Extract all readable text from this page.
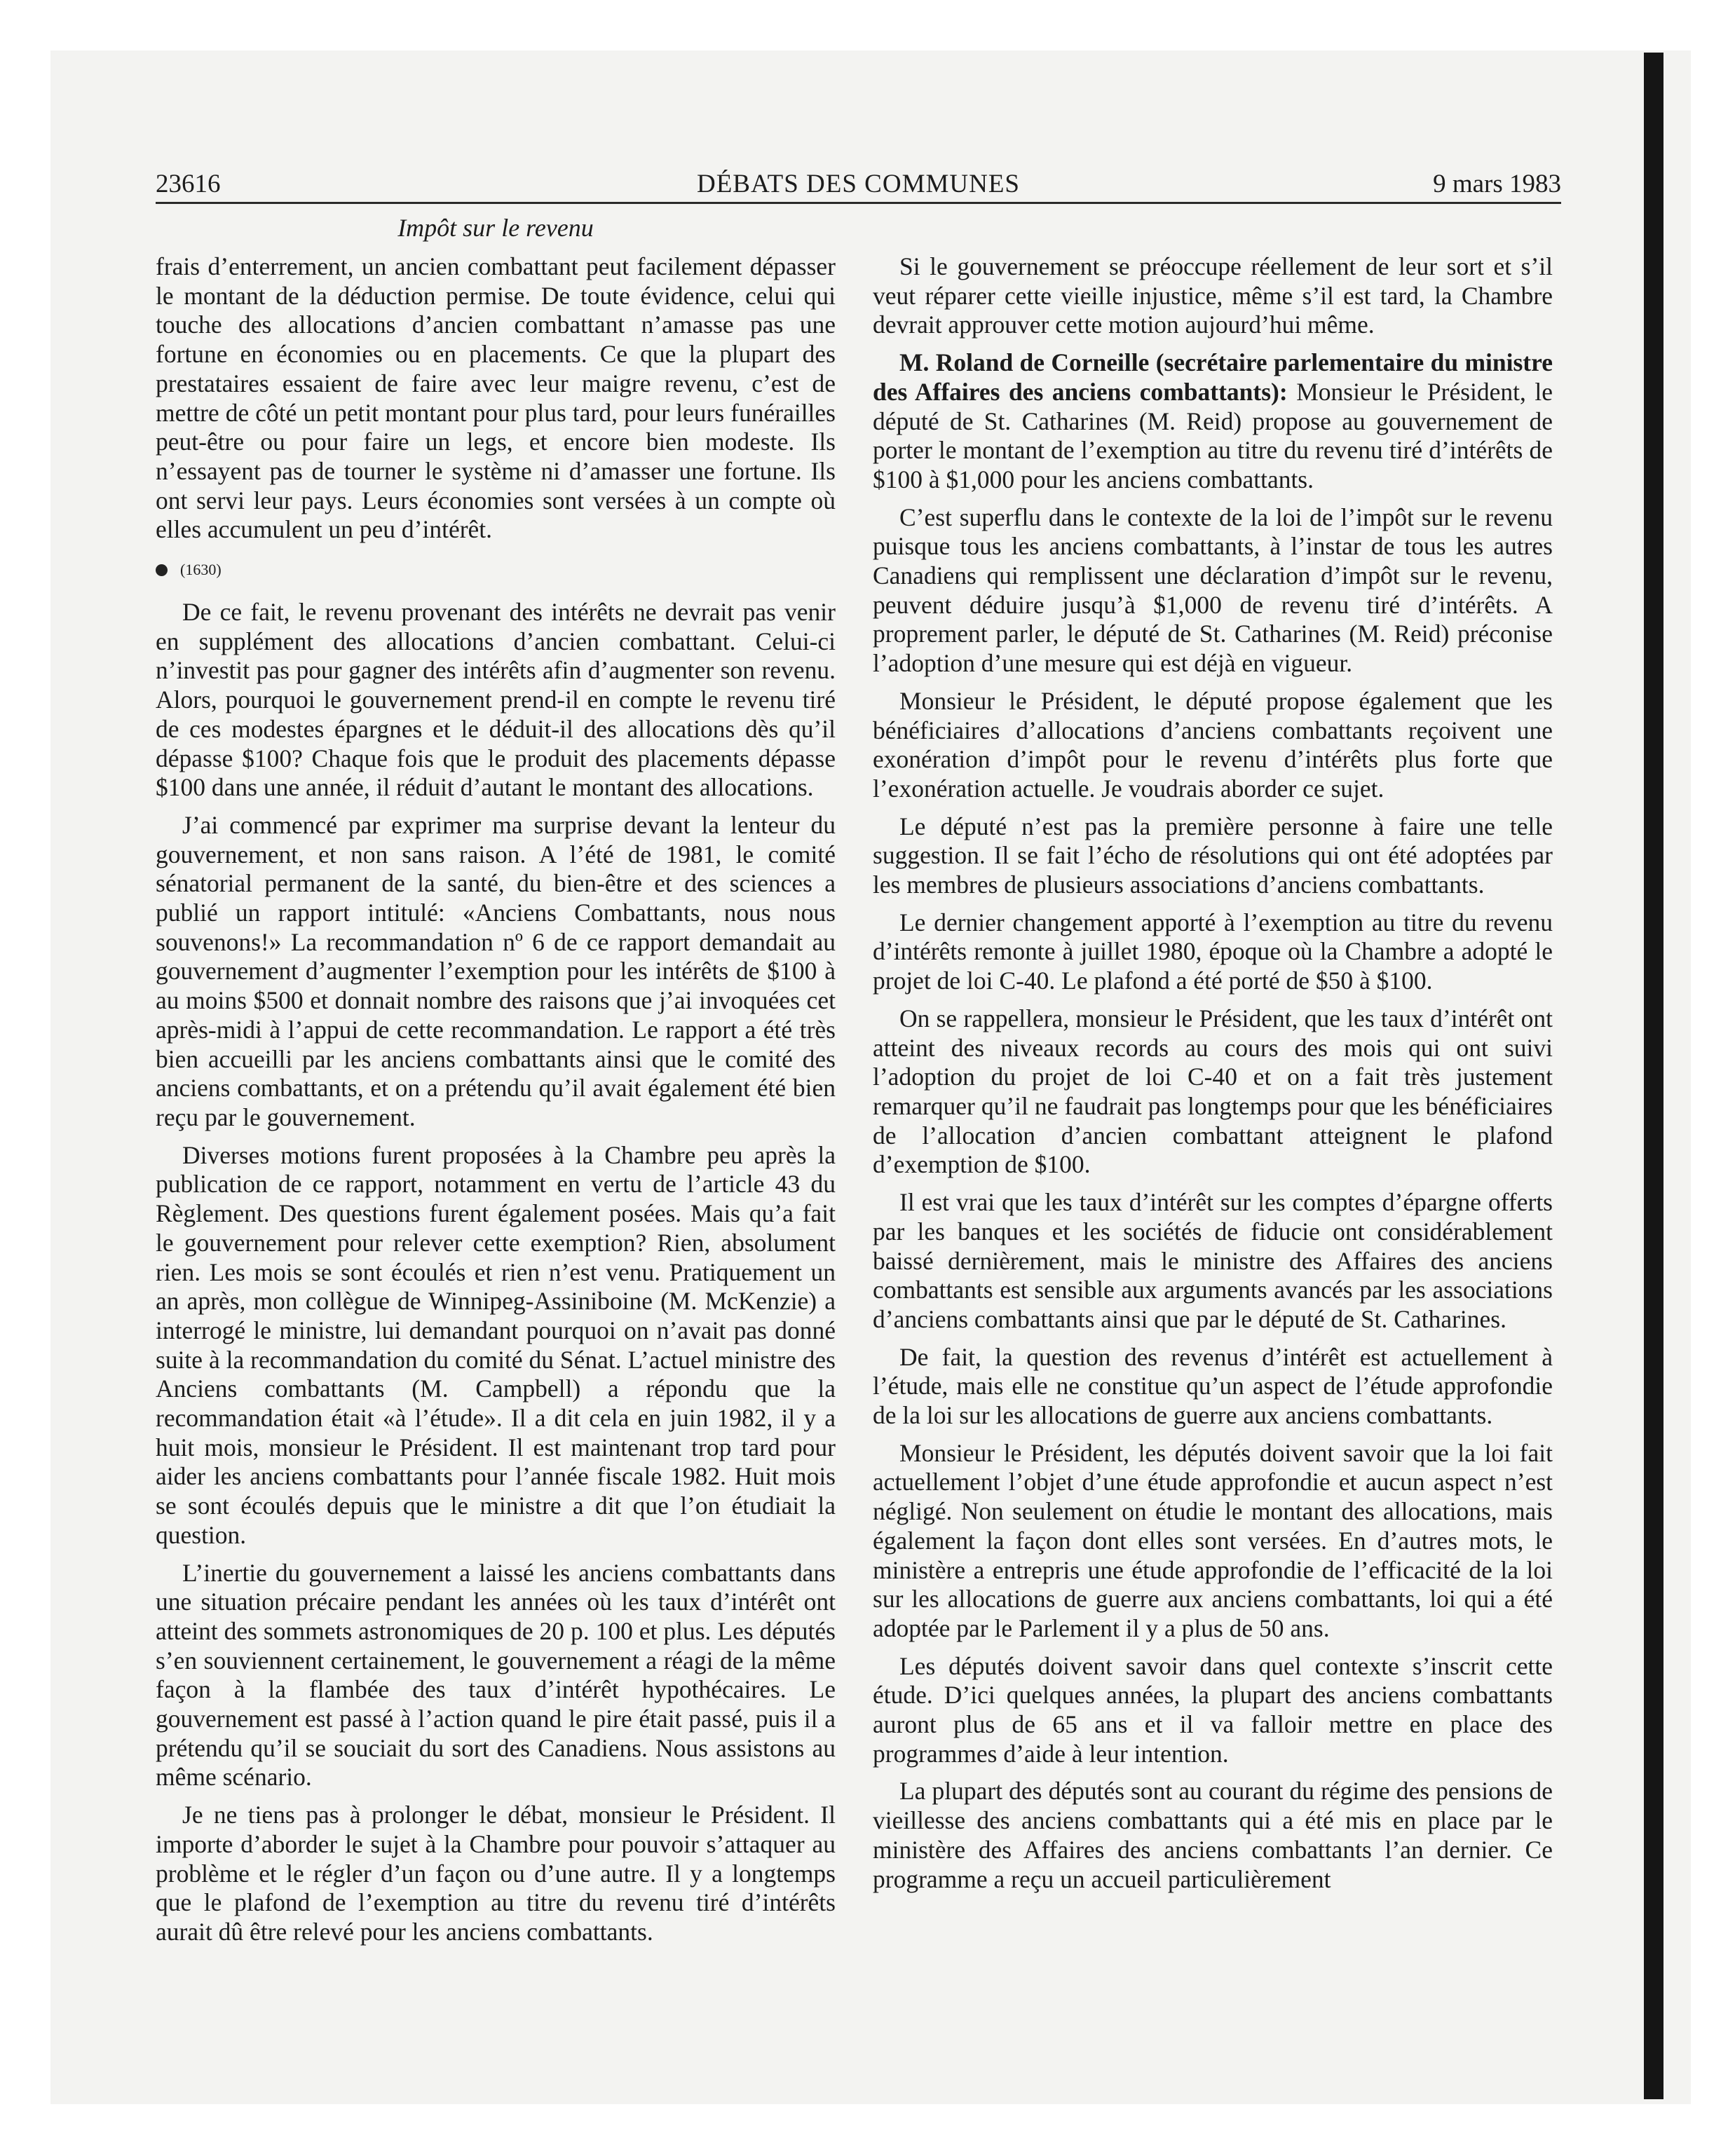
23616	DÉBATS DES COMMUNES	9 mars 1983
Impôt sur le revenu

frais d’enterrement, un ancien combattant peut facilement dépasser le montant de la déduction permise. De toute évidence, celui qui touche des allocations d’ancien combattant n’amasse pas une fortune en économies ou en placements. Ce que la plupart des prestataires essaient de faire avec leur maigre revenu, c’est de mettre de côté un petit montant pour plus tard, pour leurs funérailles peut-être ou pour faire un legs, et encore bien modeste. Ils n’essayent pas de tourner le système ni d’amasser une fortune. Ils ont servi leur pays. Leurs économies sont versées à un compte où elles accumulent un peu d’intérêt.

(1630)

De ce fait, le revenu provenant des intérêts ne devrait pas venir en supplément des allocations d’ancien combattant. Celui-ci n’investit pas pour gagner des intérêts afin d’augmenter son revenu. Alors, pourquoi le gouvernement prend-il en compte le revenu tiré de ces modestes épargnes et le déduit-il des allocations dès qu’il dépasse $100? Chaque fois que le produit des placements dépasse $100 dans une année, il réduit d’autant le montant des allocations.

J’ai commencé par exprimer ma surprise devant la lenteur du gouvernement, et non sans raison. A l’été de 1981, le comité sénatorial permanent de la santé, du bien-être et des sciences a publié un rapport intitulé: «Anciens Combattants, nous nous souvenons!» La recommandation nº 6 de ce rapport demandait au gouvernement d’augmenter l’exemption pour les intérêts de $100 à au moins $500 et donnait nombre des raisons que j’ai invoquées cet après-midi à l’appui de cette recommandation. Le rapport a été très bien accueilli par les anciens combattants ainsi que le comité des anciens combattants, et on a prétendu qu’il avait également été bien reçu par le gouvernement.

Diverses motions furent proposées à la Chambre peu après la publication de ce rapport, notamment en vertu de l’article 43 du Règlement. Des questions furent également posées. Mais qu’a fait le gouvernement pour relever cette exemption? Rien, absolument rien. Les mois se sont écoulés et rien n’est venu. Pratiquement un an après, mon collègue de Winnipeg-Assiniboine (M. McKenzie) a interrogé le ministre, lui demandant pourquoi on n’avait pas donné suite à la recommandation du comité du Sénat. L’actuel ministre des Anciens combattants (M. Campbell) a répondu que la recommandation était «à l’étude». Il a dit cela en juin 1982, il y a huit mois, monsieur le Président. Il est maintenant trop tard pour aider les anciens combattants pour l’année fiscale 1982. Huit mois se sont écoulés depuis que le ministre a dit que l’on étudiait la question.

L’inertie du gouvernement a laissé les anciens combattants dans une situation précaire pendant les années où les taux d’intérêt ont atteint des sommets astronomiques de 20 p. 100 et plus. Les députés s’en souviennent certainement, le gouvernement a réagi de la même façon à la flambée des taux d’intérêt hypothécaires. Le gouvernement est passé à l’action quand le pire était passé, puis il a prétendu qu’il se souciait du sort des Canadiens. Nous assistons au même scénario.

Je ne tiens pas à prolonger le débat, monsieur le Président. Il importe d’aborder le sujet à la Chambre pour pouvoir s’attaquer au problème et le régler d’un façon ou d’une autre. Il y a longtemps que le plafond de l’exemption au titre du revenu tiré d’intérêts aurait dû être relevé pour les anciens combattants.

Si le gouvernement se préoccupe réellement de leur sort et s’il veut réparer cette vieille injustice, même s’il est tard, la Chambre devrait approuver cette motion aujourd’hui même.

M. Roland de Corneille (secrétaire parlementaire du ministre des Affaires des anciens combattants): Monsieur le Président, le député de St. Catharines (M. Reid) propose au gouvernement de porter le montant de l’exemption au titre du revenu tiré d’intérêts de $100 à $1,000 pour les anciens combattants.

C’est superflu dans le contexte de la loi de l’impôt sur le revenu puisque tous les anciens combattants, à l’instar de tous les autres Canadiens qui remplissent une déclaration d’impôt sur le revenu, peuvent déduire jusqu’à $1,000 de revenu tiré d’intérêts. A proprement parler, le député de St. Catharines (M. Reid) préconise l’adoption d’une mesure qui est déjà en vigueur.

Monsieur le Président, le député propose également que les bénéficiaires d’allocations d’anciens combattants reçoivent une exonération d’impôt pour le revenu d’intérêts plus forte que l’exonération actuelle. Je voudrais aborder ce sujet.

Le député n’est pas la première personne à faire une telle suggestion. Il se fait l’écho de résolutions qui ont été adoptées par les membres de plusieurs associations d’anciens combattants.

Le dernier changement apporté à l’exemption au titre du revenu d’intérêts remonte à juillet 1980, époque où la Chambre a adopté le projet de loi C-40. Le plafond a été porté de $50 à $100.

On se rappellera, monsieur le Président, que les taux d’intérêt ont atteint des niveaux records au cours des mois qui ont suivi l’adoption du projet de loi C-40 et on a fait très justement remarquer qu’il ne faudrait pas longtemps pour que les bénéficiaires de l’allocation d’ancien combattant atteignent le plafond d’exemption de $100.

Il est vrai que les taux d’intérêt sur les comptes d’épargne offerts par les banques et les sociétés de fiducie ont considérablement baissé dernièrement, mais le ministre des Affaires des anciens combattants est sensible aux arguments avancés par les associations d’anciens combattants ainsi que par le député de St. Catharines.

De fait, la question des revenus d’intérêt est actuellement à l’étude, mais elle ne constitue qu’un aspect de l’étude approfondie de la loi sur les allocations de guerre aux anciens combattants.

Monsieur le Président, les députés doivent savoir que la loi fait actuellement l’objet d’une étude approfondie et aucun aspect n’est négligé. Non seulement on étudie le montant des allocations, mais également la façon dont elles sont versées. En d’autres mots, le ministère a entrepris une étude approfondie de l’efficacité de la loi sur les allocations de guerre aux anciens combattants, loi qui a été adoptée par le Parlement il y a plus de 50 ans.

Les députés doivent savoir dans quel contexte s’inscrit cette étude. D’ici quelques années, la plupart des anciens combattants auront plus de 65 ans et il va falloir mettre en place des programmes d’aide à leur intention.

La plupart des députés sont au courant du régime des pensions de vieillesse des anciens combattants qui a été mis en place par le ministère des Affaires des anciens combattants l’an dernier. Ce programme a reçu un accueil particulièrement
